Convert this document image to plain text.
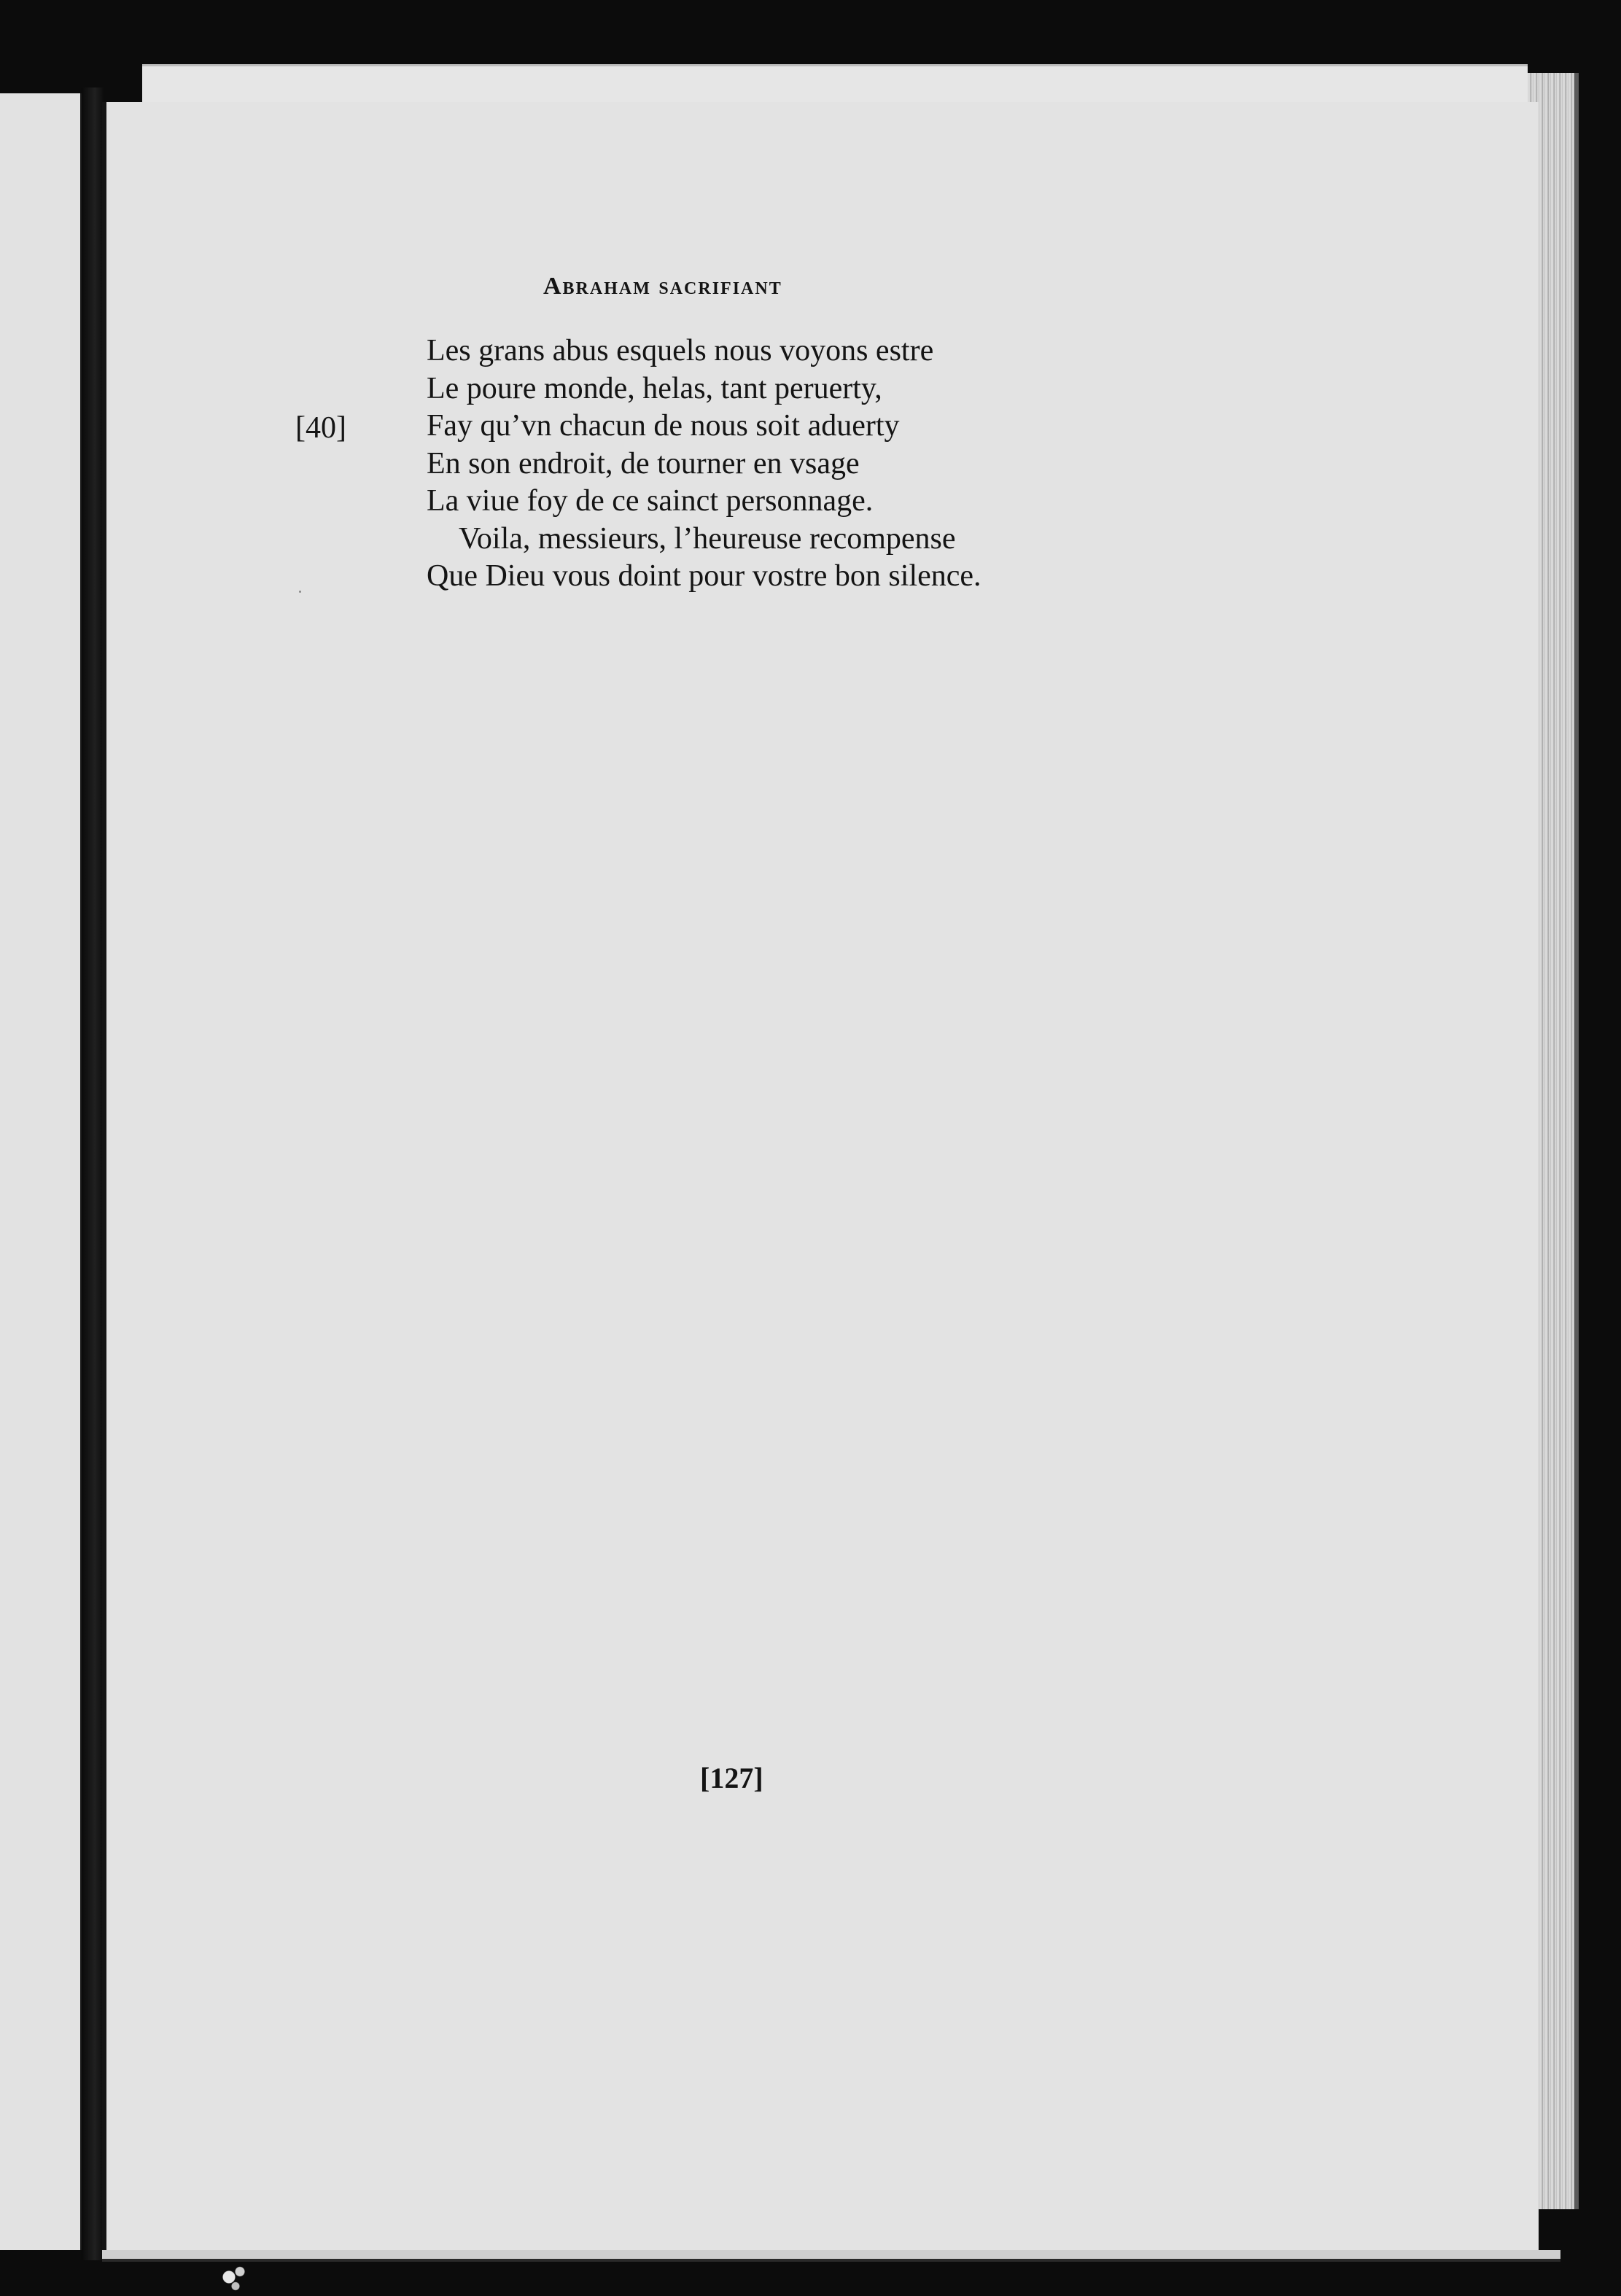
Abraham sacrifiant
[40]
Les grans abus esquels nous voyons estre
Le poure monde, helas, tant peruerty,
Fay qu’vn chacun de nous soit aduerty
En son endroit, de tourner en vsage
La viue foy de ce sainct personnage.
Voila, messieurs, l’heureuse recompense
Que Dieu vous doint pour vostre bon silence.
[127]
